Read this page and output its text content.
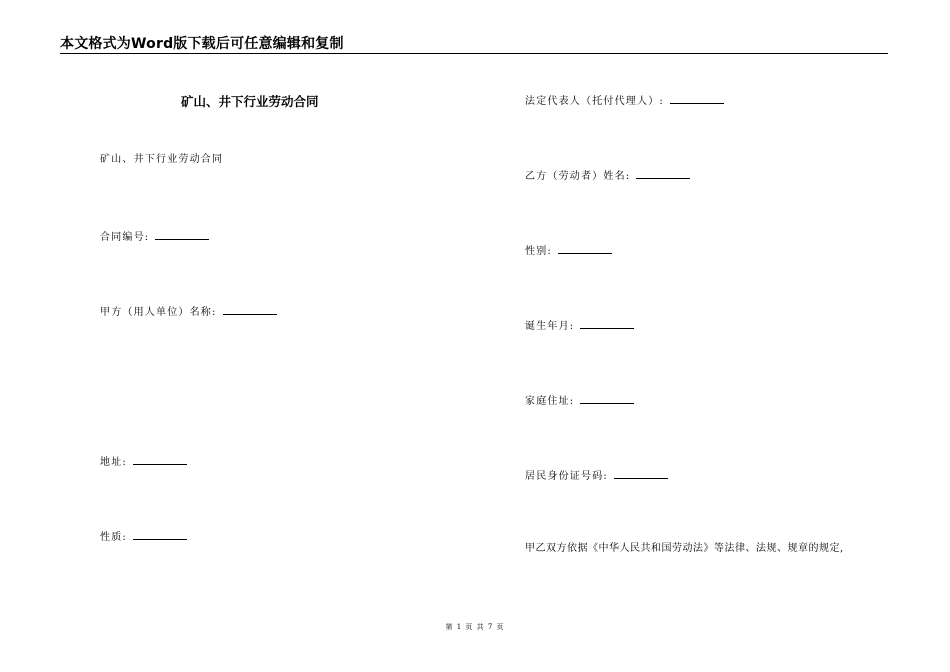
本文格式为Word版下载后可任意编辑和复制
矿山、井下行业劳动合同
矿山、井下行业劳动合同
合同编号:
甲方（用人单位）名称:
地址:
性质:
法定代表人（托付代理人）:
乙方（劳动者）姓名:
性别:
诞生年月:
家庭住址:
居民身份证号码:
甲乙双方依据《中华人民共和国劳动法》等法律、法规、规章的规定,
第 1 页 共 7 页
